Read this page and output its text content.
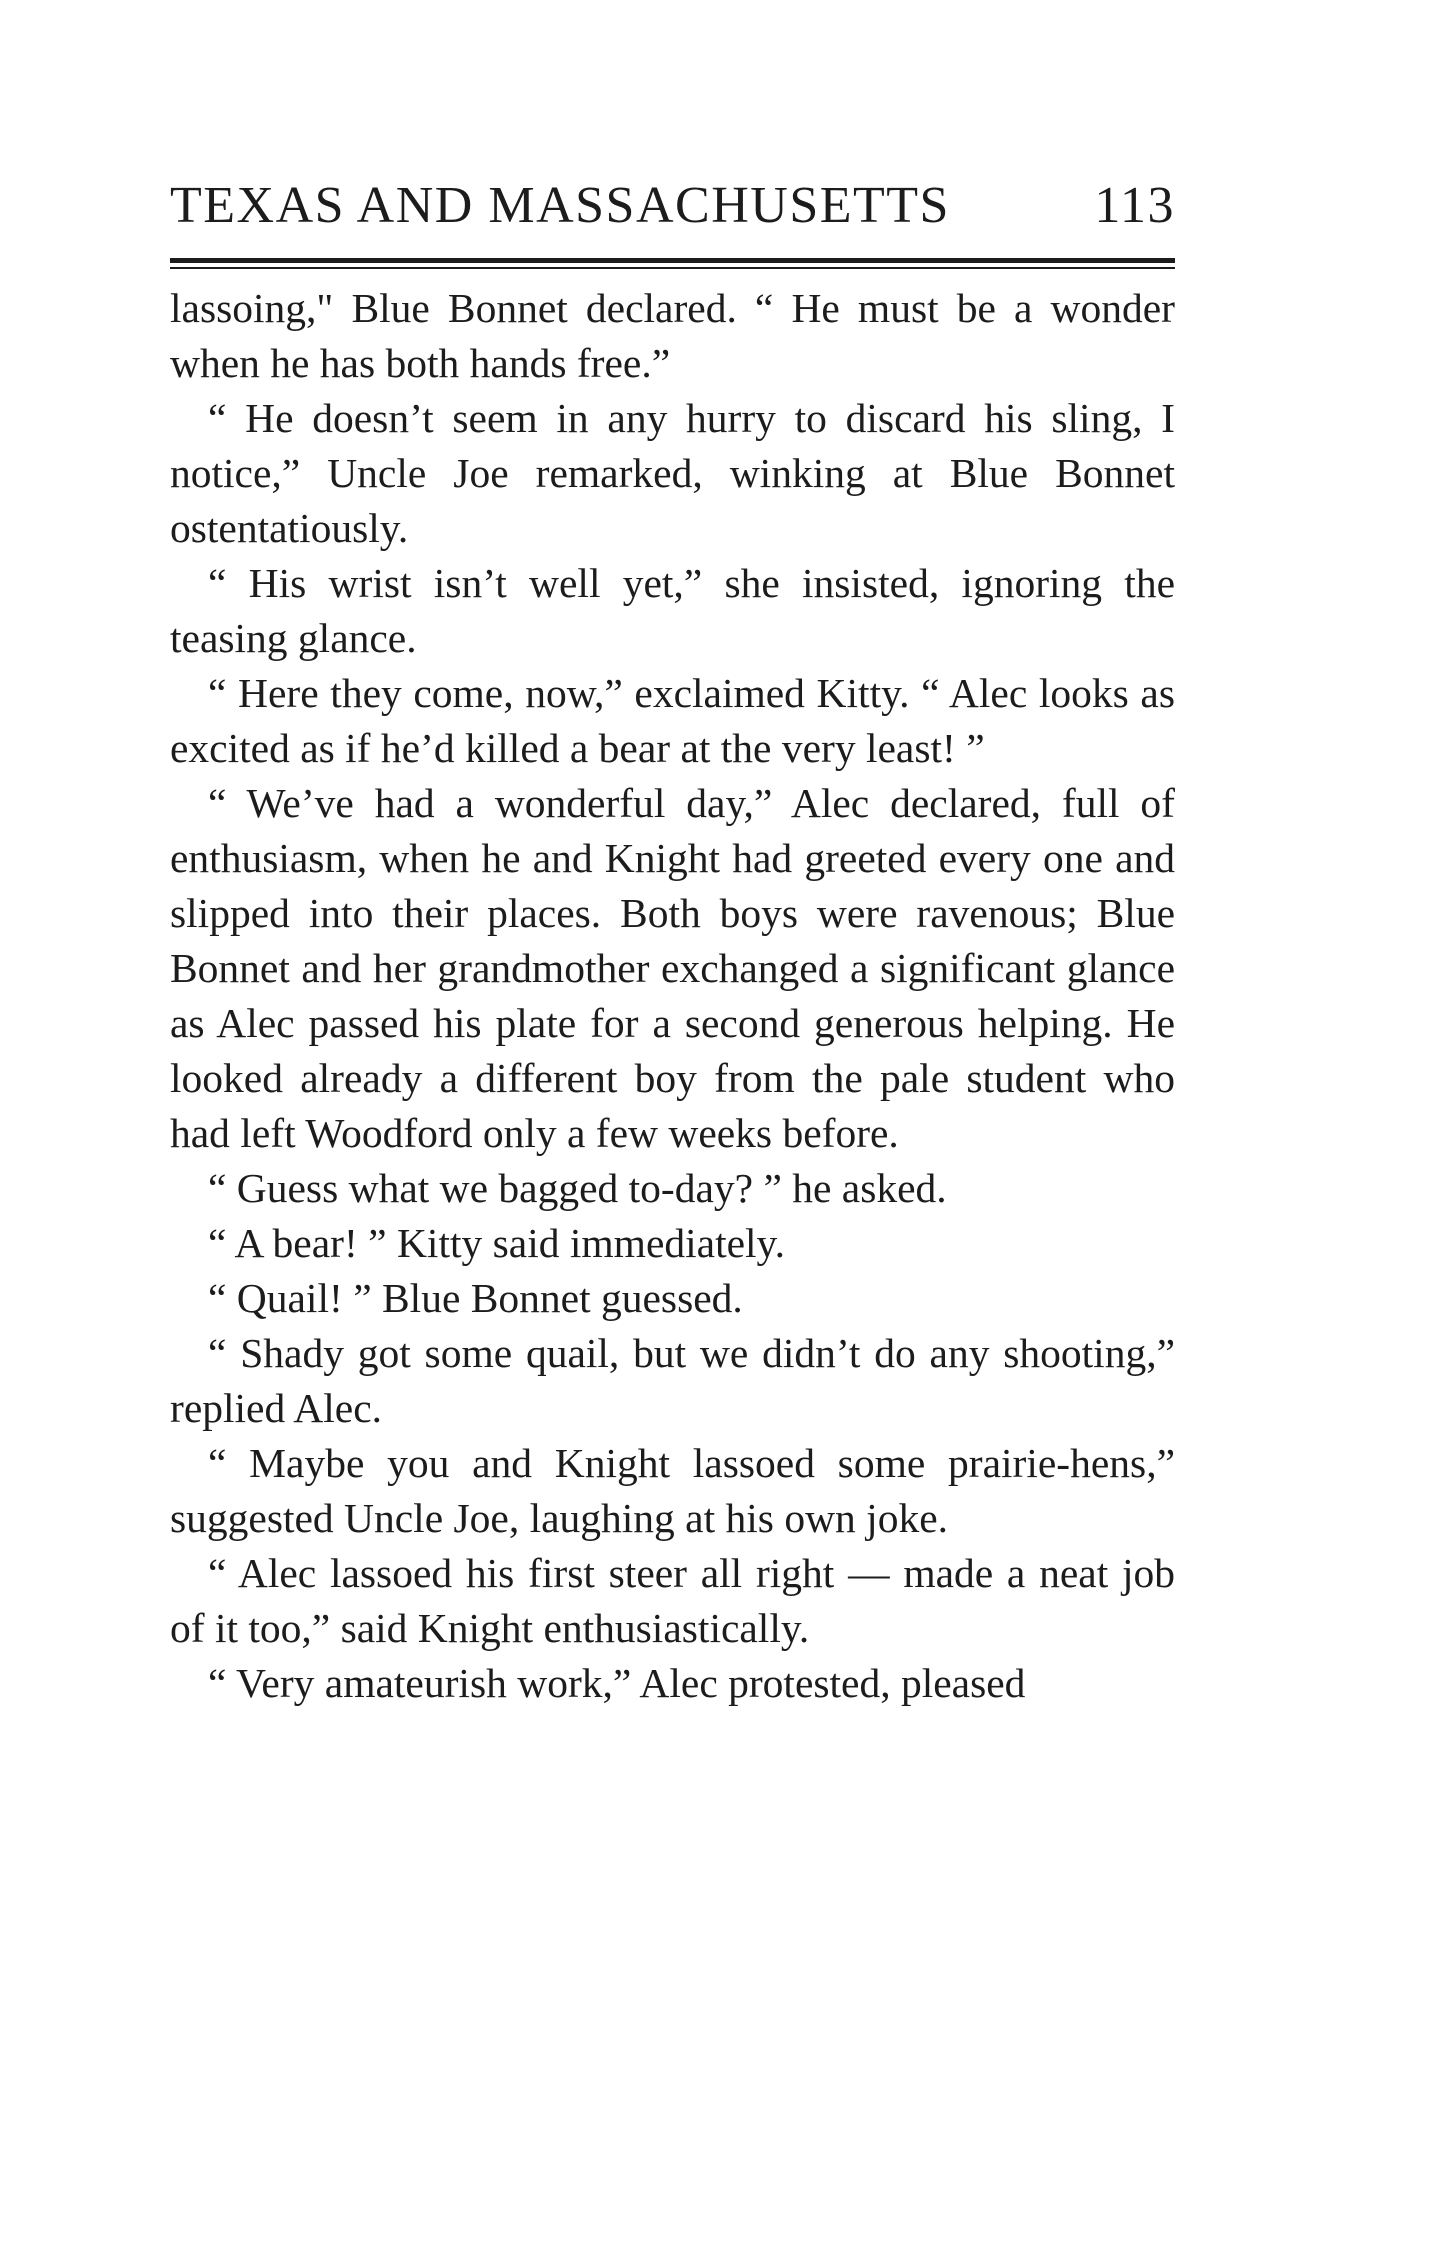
TEXAS AND MASSACHUSETTS	113

lassoing," Blue Bonnet declared. “ He must be a wonder when he has both hands free.”

“ He doesn’t seem in any hurry to discard his sling, I notice,” Uncle Joe remarked, winking at Blue Bonnet ostentatiously.

“ His wrist isn’t well yet,” she insisted, ignoring the teasing glance.

“ Here they come, now,” exclaimed Kitty. “ Alec looks as excited as if he’d killed a bear at the very least! ”

“ We’ve had a wonderful day,” Alec declared, full of enthusiasm, when he and Knight had greeted every one and slipped into their places. Both boys were ravenous; Blue Bonnet and her grandmother exchanged a significant glance as Alec passed his plate for a second generous helping. He looked already a different boy from the pale student who had left Woodford only a few weeks before.

“ Guess what we bagged to-day? ” he asked.

“ A bear! ” Kitty said immediately.

“ Quail! ” Blue Bonnet guessed.

“ Shady got some quail, but we didn’t do any shooting,” replied Alec.

“ Maybe you and Knight lassoed some prairie-hens,” suggested Uncle Joe, laughing at his own joke.

“ Alec lassoed his first steer all right — made a neat job of it too,” said Knight enthusiastically.

“ Very amateurish work,” Alec protested, pleased
